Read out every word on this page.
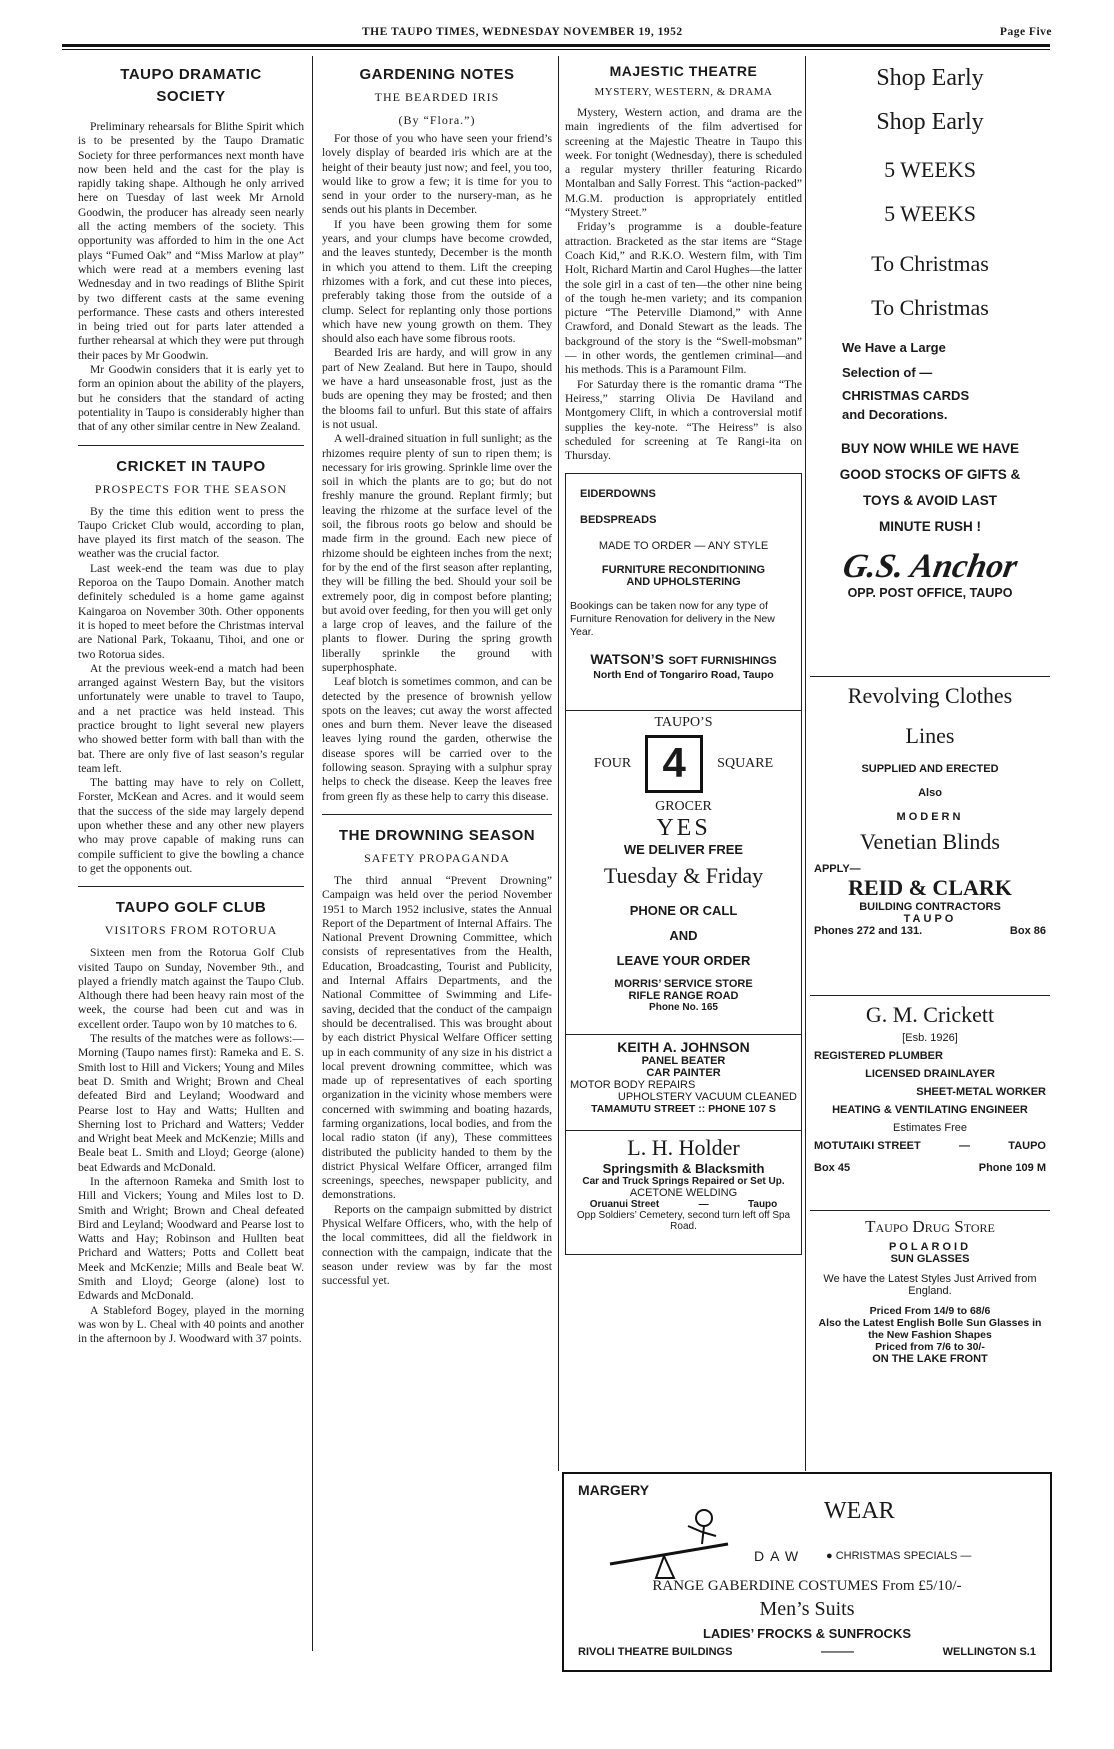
THE TAUPO TIMES, WEDNESDAY NOVEMBER 19, 1952	Page Five
TAUPO DRAMATIC
SOCIETY

Preliminary rehearsals for Blithe Spirit which is to be presented by the Taupo Dramatic Society for three performances next month have now been held and the cast for the play is rapidly taking shape. Although he only arrived here on Tuesday of last week Mr Arnold Goodwin, the producer has already seen nearly all the acting members of the society. This opportunity was afforded to him in the one Act plays “Fumed Oak” and “Miss Marlow at play” which were read at a members evening last Wednesday and in two readings of Blithe Spirit by two different casts at the same evening performance. These casts and others interested in being tried out for parts later attended a further rehearsal at which they were put through their paces by Mr Goodwin.

Mr Goodwin considers that it is early yet to form an opinion about the ability of the players, but he considers that the standard of acting potentiality in Taupo is considerably higher than that of any other similar centre in New Zealand.

CRICKET IN TAUPO
PROSPECTS FOR THE SEASON

By the time this edition went to press the Taupo Cricket Club would, according to plan, have played its first match of the season. The weather was the crucial factor.

Last week-end the team was due to play Reporoa on the Taupo Domain. Another match definitely scheduled is a home game against Kaingaroa on November 30th. Other opponents it is hoped to meet before the Christmas interval are National Park, Tokaanu, Tihoi, and one or two Rotorua sides.

At the previous week-end a match had been arranged against Western Bay, but the visitors unfortunately were unable to travel to Taupo, and a net practice was held instead. This practice brought to light several new players who showed better form with ball than with the bat. There are only five of last season’s regular team left.

The batting may have to rely on Collett, Forster, McKean and Acres. and it would seem that the success of the side may largely depend upon whether these and any other new players who may prove capable of making runs can compile sufficient to give the bowling a chance to get the opponents out.

TAUPO GOLF CLUB
VISITORS FROM ROTORUA

Sixteen men from the Rotorua Golf Club visited Taupo on Sunday, November 9th., and played a friendly match against the Taupo Club. Although there had been heavy rain most of the week, the course had been cut and was in excellent order. Taupo won by 10 matches to 6.

The results of the matches were as follows:—Morning (Taupo names first): Rameka and E. S. Smith lost to Hill and Vickers; Young and Miles beat D. Smith and Wright; Brown and Cheal defeated Bird and Leyland; Woodward and Pearse lost to Hay and Watts; Hullten and Sherning lost to Prichard and Watters; Vedder and Wright beat Meek and McKenzie; Mills and Beale beat L. Smith and Lloyd; George (alone) beat Edwards and McDonald.

In the afternoon Rameka and Smith lost to Hill and Vickers; Young and Miles lost to D. Smith and Wright; Brown and Cheal defeated Bird and Leyland; Woodward and Pearse lost to Watts and Hay; Robinson and Hullten beat Prichard and Watters; Potts and Collett beat Meek and McKenzie; Mills and Beale beat W. Smith and Lloyd; George (alone) lost to Edwards and McDonald.

A Stableford Bogey, played in the morning was won by L. Cheal with 40 points and another in the afternoon by J. Woodward with 37 points.

GARDENING NOTES
THE BEARDED IRIS
(By “Flora.”)

For those of you who have seen your friend’s lovely display of bearded iris which are at the height of their beauty just now; and feel, you too, would like to grow a few; it is time for you to send in your order to the nursery-man, as he sends out his plants in December.

If you have been growing them for some years, and your clumps have become crowded, and the leaves stuntedy, December is the month in which you attend to them. Lift the creeping rhizomes with a fork, and cut these into pieces, preferably taking those from the outside of a clump. Select for replanting only those portions which have new young growth on them. They should also each have some fibrous roots.

Bearded Iris are hardy, and will grow in any part of New Zealand. But here in Taupo, should we have a hard unseasonable frost, just as the buds are opening they may be frosted; and then the blooms fail to unfurl. But this state of affairs is not usual.

A well-drained situation in full sunlight; as the rhizomes require plenty of sun to ripen them; is necessary for iris growing. Sprinkle lime over the soil in which the plants are to go; but do not freshly manure the ground. Replant firmly; but leaving the rhizome at the surface level of the soil, the fibrous roots go below and should be made firm in the ground. Each new piece of rhizome should be eighteen inches from the next; for by the end of the first season after replanting, they will be filling the bed. Should your soil be extremely poor, dig in compost before planting; but avoid over feeding, for then you will get only a large crop of leaves, and the failure of the plants to flower. During the spring growth liberally sprinkle the ground with superphosphate.

Leaf blotch is sometimes common, and can be detected by the presence of brownish yellow spots on the leaves; cut away the worst affected ones and burn them. Never leave the diseased leaves lying round the garden, otherwise the disease spores will be carried over to the following season. Spraying with a sulphur spray helps to check the disease. Keep the leaves free from green fly as these help to carry this disease.

THE DROWNING SEASON
SAFETY PROPAGANDA

The third annual “Prevent Drowning” Campaign was held over the period November 1951 to March 1952 inclusive, states the Annual Report of the Department of Internal Affairs. The National Prevent Drowning Committee, which consists of representatives from the Health, Education, Broadcasting, Tourist and Publicity, and Internal Affairs Departments, and the National Committee of Swimming and Life-saving, decided that the conduct of the campaign should be decentralised. This was brought about by each district Physical Welfare Officer setting up in each community of any size in his district a local prevent drowning committee, which was made up of representatives of each sporting organization in the vicinity whose members were concerned with swimming and boating hazards, farming organizations, local bodies, and from the local radio staton (if any), These committees distributed the publicity handed to them by the district Physical Welfare Officer, arranged film screenings, speeches, newspaper publicity, and demonstrations.

Reports on the campaign submitted by district Physical Welfare Officers, who, with the help of the local committees, did all the fieldwork in connection with the campaign, indicate that the season under review was by far the most successful yet.

MAJESTIC THEATRE
MYSTERY, WESTERN, & DRAMA

Mystery, Western action, and drama are the main ingredients of the film advertised for screening at the Majestic Theatre in Taupo this week. For tonight (Wednesday), there is scheduled a regular mystery thriller featuring Ricardo Montalban and Sally Forrest. This “action-packed” M.G.M. production is appropriately entitled “Mystery Street.”

Friday’s programme is a double-feature attraction. Bracketed as the star items are “Stage Coach Kid,” and R.K.O. Western film, with Tim Holt, Richard Martin and Carol Hughes—the latter the sole girl in a cast of ten—the other nine being of the tough he-men variety; and its companion picture “The Peterville Diamond,” with Anne Crawford, and Donald Stewart as the leads. The background of the story is the “Swell-mobsman” — in other words, the gentlemen criminal—and his methods. This is a Paramount Film.

For Saturday there is the romantic drama “The Heiress,” starring Olivia De Haviland and Montgomery Clift, in which a controversial motif supplies the key-note. “The Heiress” is also scheduled for screening at Te Rangi-ita on Thursday.

EIDERDOWNS
BEDSPREADS
MADE TO ORDER — ANY STYLE
FURNITURE RECONDITIONING
AND UPHOLSTERING
Bookings can be taken now for any type of Furniture Renovation for delivery in the New Year.
WATSON’S SOFT FURNISHINGS
North End of Tongariro Road, Taupo
TAUPO’S
FOUR 4	SQUARE
GROCER
YES
WE DELIVER FREE
Tuesday & Friday
PHONE OR CALL
AND
LEAVE YOUR ORDER
MORRIS’ SERVICE STORE
RIFLE RANGE ROAD
Phone No. 165
KEITH A. JOHNSON
PANEL BEATER
CAR PAINTER
MOTOR BODY REPAIRS
UPHOLSTERY VACUUM CLEANED
TAMAMUTU STREET :: PHONE 107 S
L. H. Holder
Springsmith & Blacksmith
Car and Truck Springs Repaired or Set Up.
ACETONE WELDING
Oruanui Street	—	Taupo
Opp Soldiers’ Cemetery, second turn left off Spa Road.
Shop Early
Shop Early
5 WEEKS
5 WEEKS
To Christmas
To Christmas
We Have a Large
Selection of —
CHRISTMAS CARDS
and Decorations.
BUY NOW WHILE WE HAVE
GOOD STOCKS OF GIFTS &
TOYS & AVOID LAST
MINUTE RUSH !
G.S. Anchor
OPP. POST OFFICE, TAUPO
Revolving Clothes
Lines
SUPPLIED AND ERECTED
Also
MODERN
Venetian Blinds
APPLY—
REID & CLARK
BUILDING CONTRACTORS
TAUPO
Phones 272 and 131.	Box 86
G. M. Crickett
[Esb. 1926]
REGISTERED PLUMBER
LICENSED DRAINLAYER
SHEET-METAL WORKER
HEATING & VENTILATING ENGINEER
Estimates Free
MOTUTAIKI STREET	—	TAUPO
Box 45	Phone 109 M
Taupo Drug Store
POLAROID
SUN GLASSES
We have the Latest Styles Just Arrived from England.
Priced From 14/9 to 68/6
Also the Latest English Bolle Sun Glasses in the New Fashion Shapes
Priced from 7/6 to 30/-
ON THE LAKE FRONT
MARGERY
WEAR
DAW ● CHRISTMAS SPECIALS —
RANGE GABERDINE COSTUMES From £5/10/-
Men’s Suits
LADIES’ FROCKS & SUNFROCKS
RIVOLI THEATRE BUILDINGS	———	WELLINGTON S.1
